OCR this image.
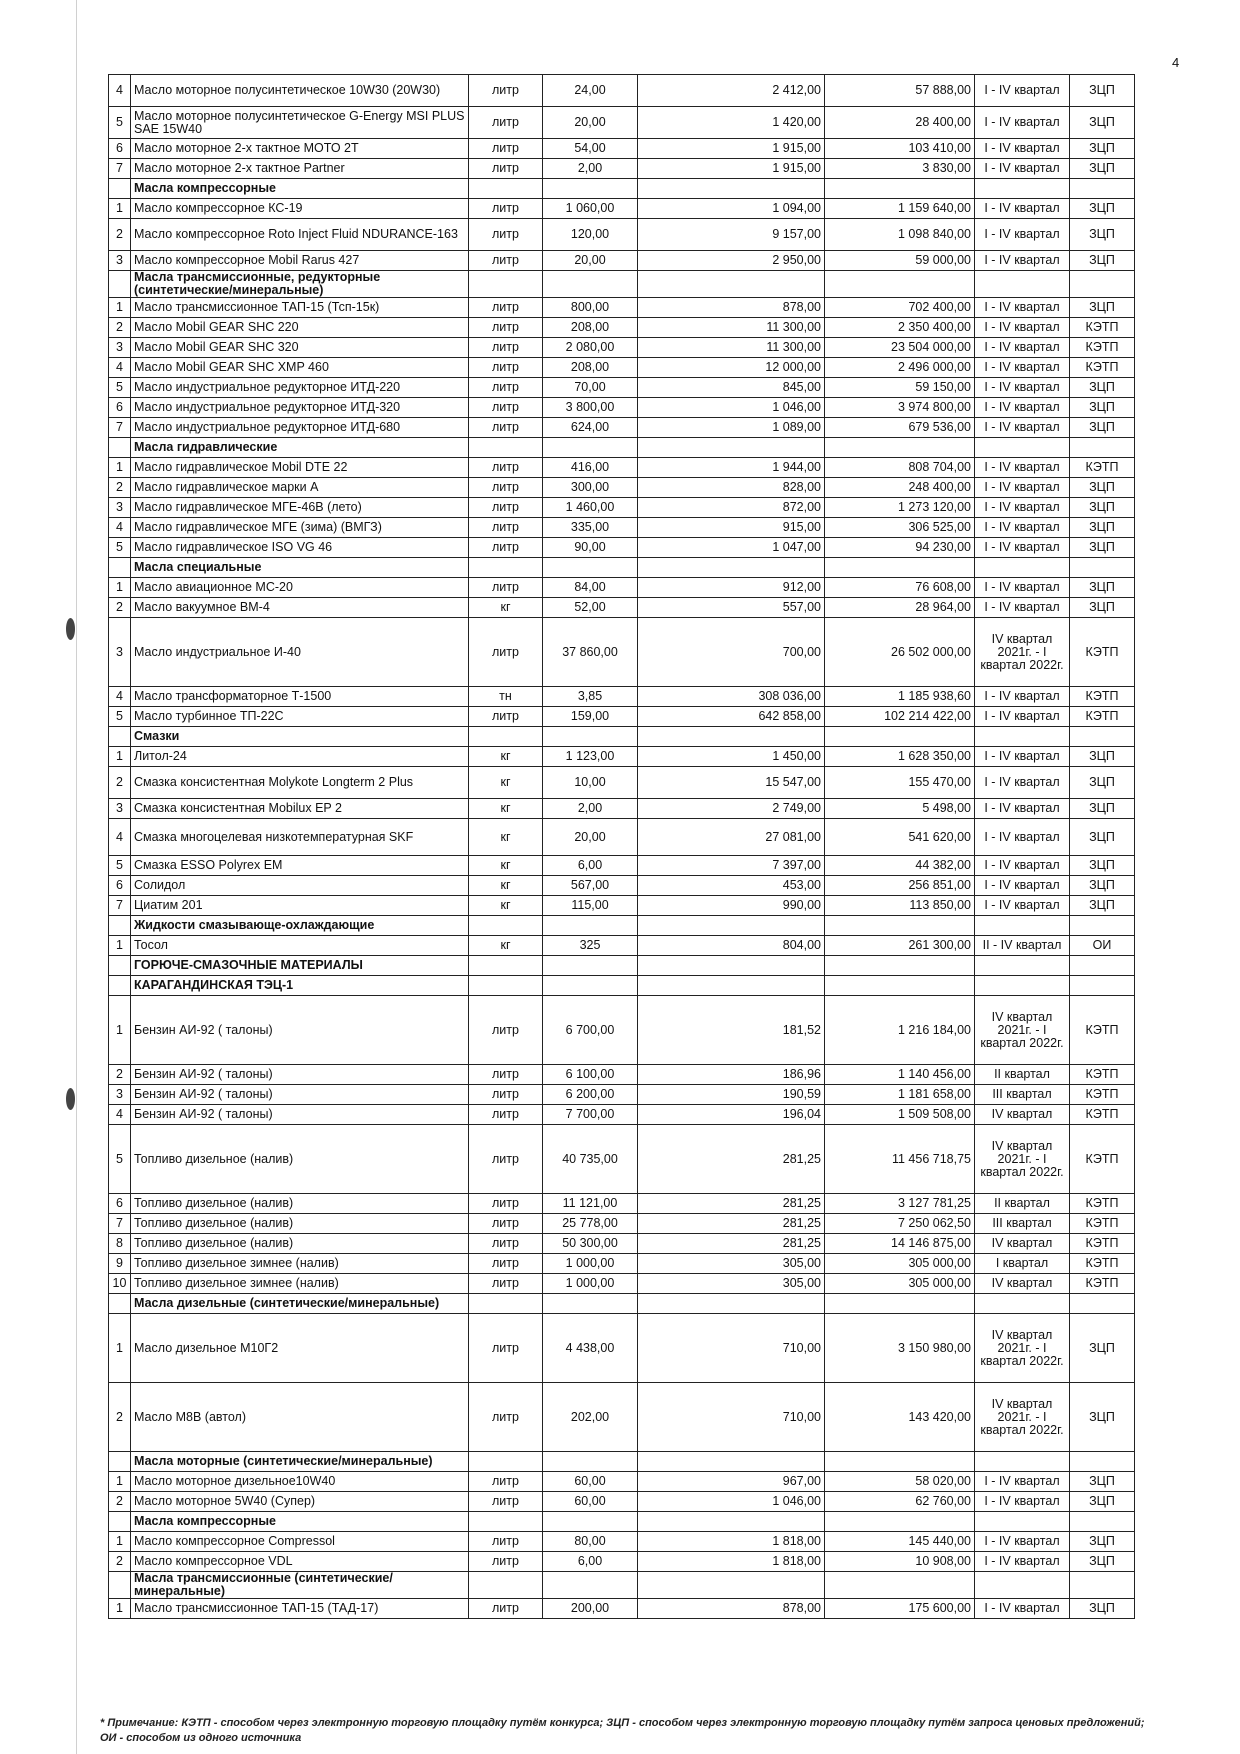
4
4	Масло моторное полусинтетическое 10W30 (20W30)	литр	24,00	2 412,00	57 888,00	I - IV квартал	ЗЦП
5	Масло моторное полусинтетическое G-Energy MSI PLUS SAE 15W40	литр	20,00	1 420,00	28 400,00	I - IV квартал	ЗЦП
6	Масло моторное 2-х тактное МОТО 2Т	литр	54,00	1 915,00	103 410,00	I - IV квартал	ЗЦП
7	Масло моторное 2-х тактное Partner	литр	2,00	1 915,00	3 830,00	I - IV квартал	ЗЦП
	Масла компрессорные						
1	Масло компрессорное КС-19	литр	1 060,00	1 094,00	1 159 640,00	I - IV квартал	ЗЦП
2	Масло компрессорное Roto Inject Fluid NDURANCE-163	литр	120,00	9 157,00	1 098 840,00	I - IV квартал	ЗЦП
3	Масло компрессорное Mobil Rarus 427	литр	20,00	2 950,00	59 000,00	I - IV квартал	ЗЦП
	Масла трансмиссионные, редукторные (синтетические/минеральные)						
1	Масло трансмиссионное ТАП-15 (Тсп-15к)	литр	800,00	878,00	702 400,00	I - IV квартал	ЗЦП
2	Масло Mobil GEAR SHC 220	литр	208,00	11 300,00	2 350 400,00	I - IV квартал	КЭТП
3	Масло Mobil GEAR SHC 320	литр	2 080,00	11 300,00	23 504 000,00	I - IV квартал	КЭТП
4	Масло Mobil GEAR SHC XMP 460	литр	208,00	12 000,00	2 496 000,00	I - IV квартал	КЭТП
5	Масло индустриальное редукторное ИТД-220	литр	70,00	845,00	59 150,00	I - IV квартал	ЗЦП
6	Масло индустриальное редукторное ИТД-320	литр	3 800,00	1 046,00	3 974 800,00	I - IV квартал	ЗЦП
7	Масло индустриальное редукторное ИТД-680	литр	624,00	1 089,00	679 536,00	I - IV квартал	ЗЦП
	Масла гидравлические						
1	Масло гидравлическое Mobil DTE 22	литр	416,00	1 944,00	808 704,00	I - IV квартал	КЭТП
2	Масло гидравлическое марки А	литр	300,00	828,00	248 400,00	I - IV квартал	ЗЦП
3	Масло гидравлическое МГЕ-46В (лето)	литр	1 460,00	872,00	1 273 120,00	I - IV квартал	ЗЦП
4	Масло гидравлическое МГЕ (зима) (ВМГЗ)	литр	335,00	915,00	306 525,00	I - IV квартал	ЗЦП
5	Масло гидравлическое ISO VG 46	литр	90,00	1 047,00	94 230,00	I - IV квартал	ЗЦП
	Масла специальные						
1	Масло авиационное МС-20	литр	84,00	912,00	76 608,00	I - IV квартал	ЗЦП
2	Масло вакуумное ВМ-4	кг	52,00	557,00	28 964,00	I - IV квартал	ЗЦП
3	Масло индустриальное И-40	литр	37 860,00	700,00	26 502 000,00	IV квартал 2021г. - I квартал 2022г.	КЭТП
4	Масло трансформаторное Т-1500	тн	3,85	308 036,00	1 185 938,60	I - IV квартал	КЭТП
5	Масло турбинное ТП-22С	литр	159,00	642 858,00	102 214 422,00	I - IV квартал	КЭТП
	Смазки						
1	Литол-24	кг	1 123,00	1 450,00	1 628 350,00	I - IV квартал	ЗЦП
2	Смазка консистентная Molykote Longterm 2 Plus	кг	10,00	15 547,00	155 470,00	I - IV квартал	ЗЦП
3	Смазка консистентная Mobilux EP 2	кг	2,00	2 749,00	5 498,00	I - IV квартал	ЗЦП
4	Смазка многоцелевая низкотемпературная SKF	кг	20,00	27 081,00	541 620,00	I - IV квартал	ЗЦП
5	Смазка ESSO Polyrex EM	кг	6,00	7 397,00	44 382,00	I - IV квартал	ЗЦП
6	Солидол	кг	567,00	453,00	256 851,00	I - IV квартал	ЗЦП
7	Циатим 201	кг	115,00	990,00	113 850,00	I - IV квартал	ЗЦП
	Жидкости смазывающе-охлаждающие						
1	Тосол	кг	325	804,00	261 300,00	II - IV квартал	ОИ
	ГОРЮЧЕ-СМАЗОЧНЫЕ МАТЕРИАЛЫ						
	КАРАГАНДИНСКАЯ ТЭЦ-1						
1	Бензин АИ-92 ( талоны)	литр	6 700,00	181,52	1 216 184,00	IV квартал 2021г. - I квартал 2022г.	КЭТП
2	Бензин АИ-92 ( талоны)	литр	6 100,00	186,96	1 140 456,00	II квартал	КЭТП
3	Бензин АИ-92 ( талоны)	литр	6 200,00	190,59	1 181 658,00	III квартал	КЭТП
4	Бензин АИ-92 ( талоны)	литр	7 700,00	196,04	1 509 508,00	IV квартал	КЭТП
5	Топливо дизельное (налив)	литр	40 735,00	281,25	11 456 718,75	IV квартал 2021г. - I квартал 2022г.	КЭТП
6	Топливо дизельное (налив)	литр	11 121,00	281,25	3 127 781,25	II квартал	КЭТП
7	Топливо дизельное (налив)	литр	25 778,00	281,25	7 250 062,50	III квартал	КЭТП
8	Топливо дизельное (налив)	литр	50 300,00	281,25	14 146 875,00	IV квартал	КЭТП
9	Топливо дизельное зимнее (налив)	литр	1 000,00	305,00	305 000,00	I квартал	КЭТП
10	Топливо дизельное зимнее (налив)	литр	1 000,00	305,00	305 000,00	IV квартал	КЭТП
	Масла дизельные (синтетические/минеральные)						
1	Масло дизельное М10Г2	литр	4 438,00	710,00	3 150 980,00	IV квартал 2021г. - I квартал 2022г.	ЗЦП
2	Масло М8В (автол)	литр	202,00	710,00	143 420,00	IV квартал 2021г. - I квартал 2022г.	ЗЦП
	Масла моторные (синтетические/минеральные)						
1	Масло моторное дизельное10W40	литр	60,00	967,00	58 020,00	I - IV квартал	ЗЦП
2	Масло моторное 5W40 (Супер)	литр	60,00	1 046,00	62 760,00	I - IV квартал	ЗЦП
	Масла компрессорные						
1	Масло компрессорное Compressol	литр	80,00	1 818,00	145 440,00	I - IV квартал	ЗЦП
2	Масло компрессорное VDL	литр	6,00	1 818,00	10 908,00	I - IV квартал	ЗЦП
	Масла трансмиссионные (синтетические/минеральные)						
1	Масло трансмиссионное ТАП-15 (ТАД-17)	литр	200,00	878,00	175 600,00	I - IV квартал	ЗЦП
* Примечание: КЭТП - способом через электронную торговую площадку путём конкурса; ЗЦП - способом через электронную торговую площадку путём запроса ценовых предложений; ОИ - способом из одного источника
